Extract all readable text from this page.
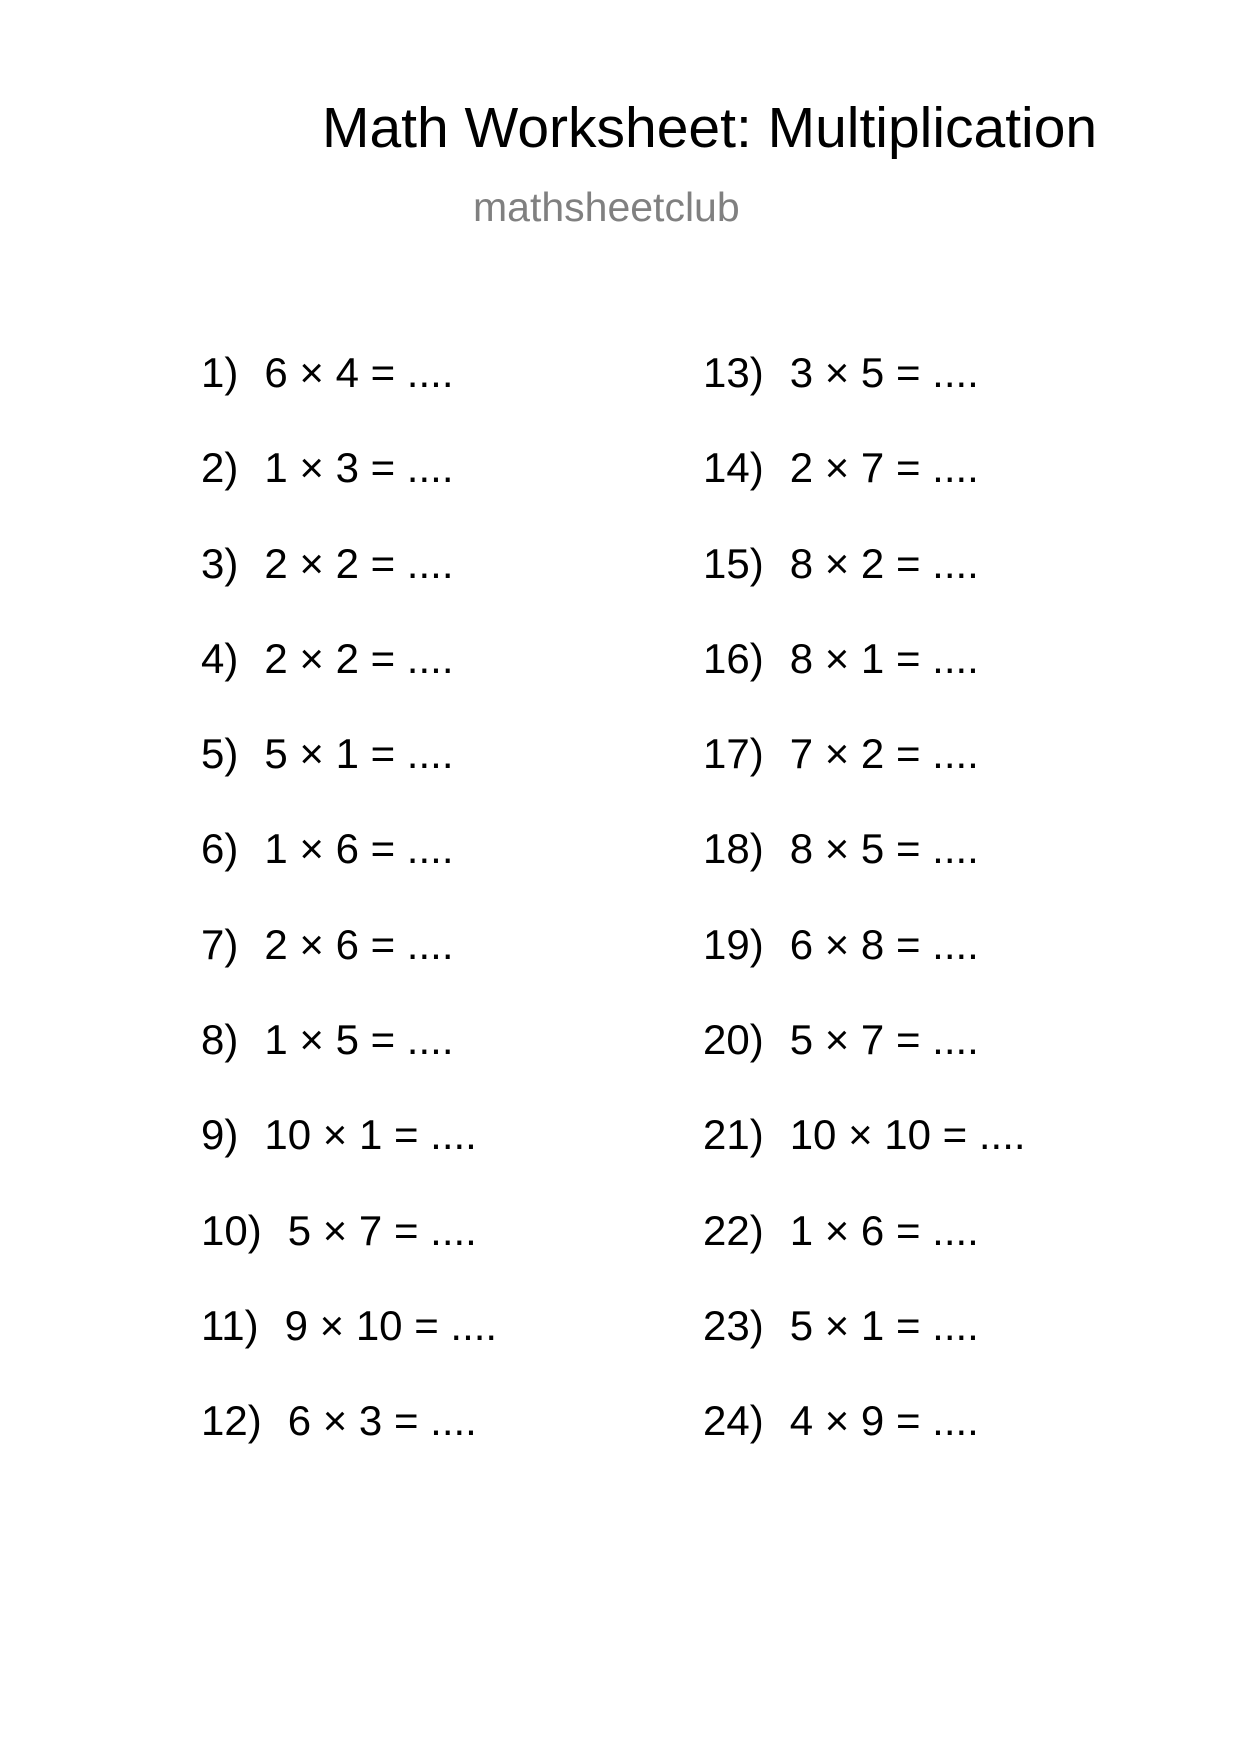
Math Worksheet: Multiplication
mathsheetclub
1) 6 × 4 = ....
2) 1 × 3 = ....
3) 2 × 2 = ....
4) 2 × 2 = ....
5) 5 × 1 = ....
6) 1 × 6 = ....
7) 2 × 6 = ....
8) 1 × 5 = ....
9) 10 × 1 = ....
10) 5 × 7 = ....
11) 9 × 10 = ....
12) 6 × 3 = ....
13) 3 × 5 = ....
14) 2 × 7 = ....
15) 8 × 2 = ....
16) 8 × 1 = ....
17) 7 × 2 = ....
18) 8 × 5 = ....
19) 6 × 8 = ....
20) 5 × 7 = ....
21) 10 × 10 = ....
22) 1 × 6 = ....
23) 5 × 1 = ....
24) 4 × 9 = ....
